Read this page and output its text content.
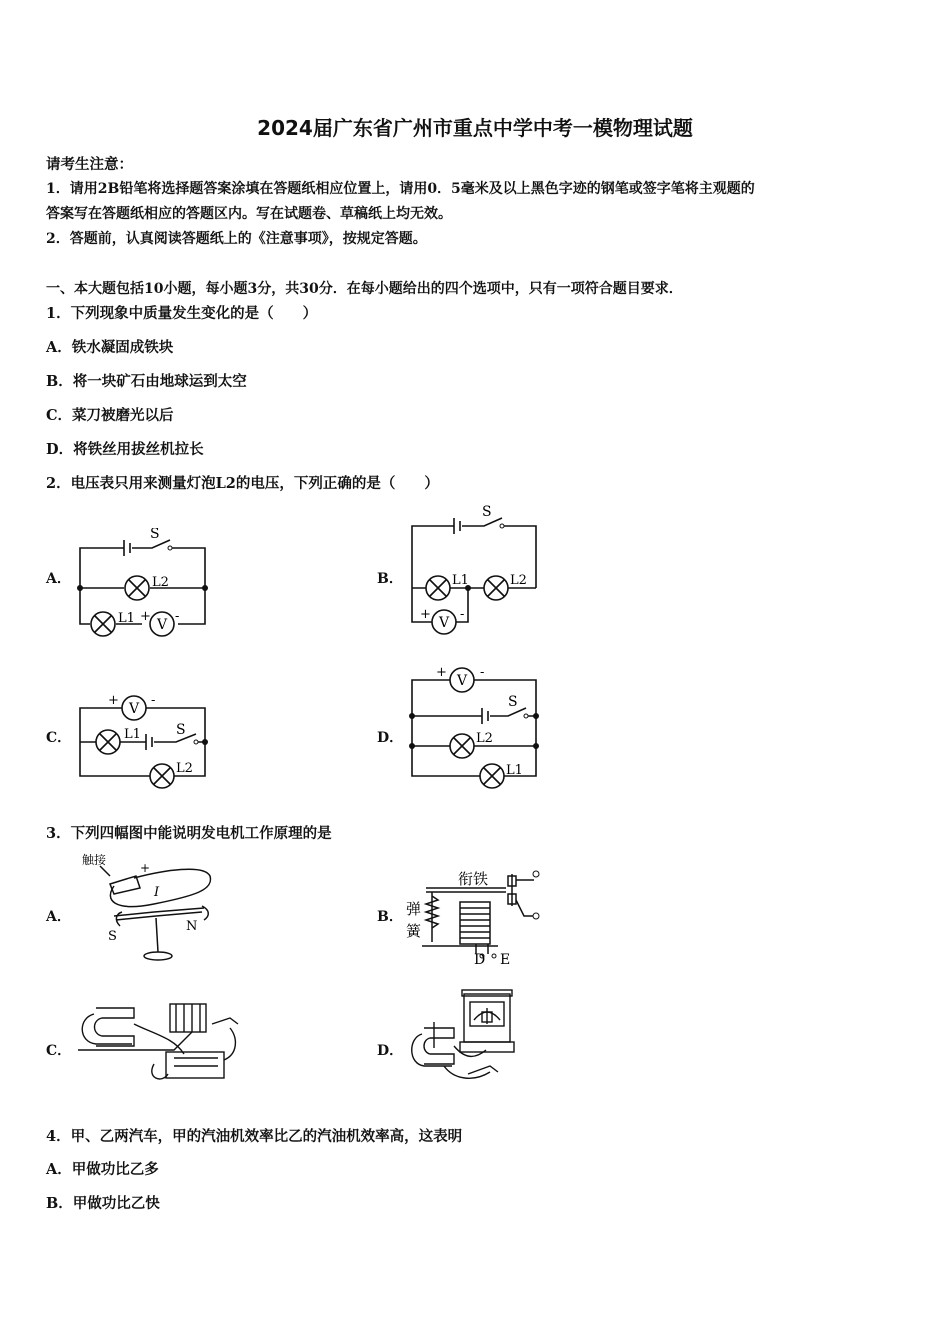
2024届广东省广州市重点中学中考一模物理试题
请考生注意：
1．请用2B铅笔将选择题答案涂填在答题纸相应位置上，请用0．5毫米及以上黑色字迹的钢笔或签字笔将主观题的
答案写在答题纸相应的答题区内。写在试题卷、草稿纸上均无效。
2．答题前，认真阅读答题纸上的《注意事项》，按规定答题。
一、本大题包括10小题，每小题3分，共30分．在每小题给出的四个选项中，只有一项符合题目要求．
1．下列现象中质量发生变化的是（　　）
A．铁水凝固成铁块
B．将一块矿石由地球运到太空
C．菜刀被磨光以后
D．将铁丝用拔丝机拉长
2．电压表只用来测量灯泡L2的电压，下列正确的是（　　）
A．	B．
C．	D．
S
L2
L1 +
V
-
S
L1	L2
+
V
-
+
V
-
L1	S
L2
+
V
-
S
L2
L1
3．下列四幅图中能说明发电机工作原理的是
A．	B．
C．	D．
触接
+
I
S
N
衔铁
弹
簧
D E
4．甲、乙两汽车，甲的汽油机效率比乙的汽油机效率高，这表明
A．甲做功比乙多
B．甲做功比乙快
